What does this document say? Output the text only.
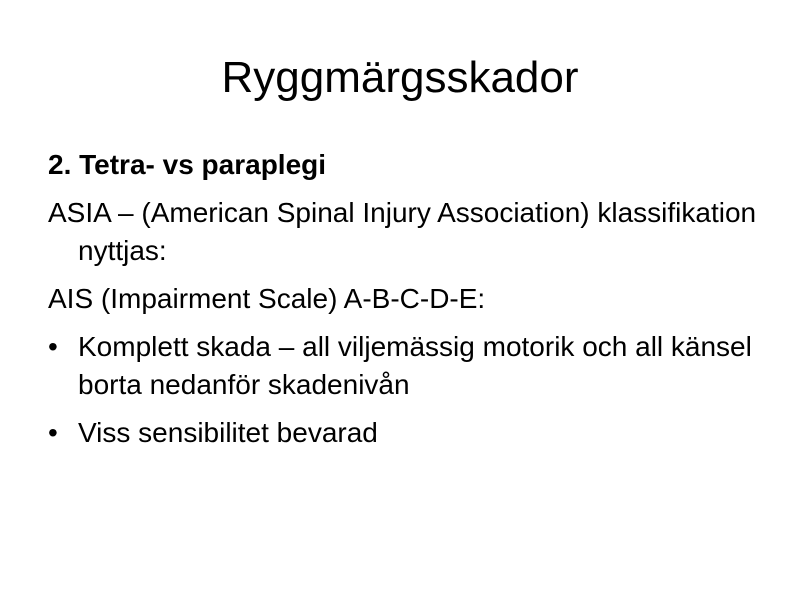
Ryggmärgsskador

2. Tetra- vs paraplegi

ASIA – (American Spinal Injury Association) klassifikation nyttjas:

AIS (Impairment Scale) A-B-C-D-E:

• Komplett skada – all viljemässig motorik och all känsel borta nedanför skadenivån
• Viss sensibilitet bevarad
